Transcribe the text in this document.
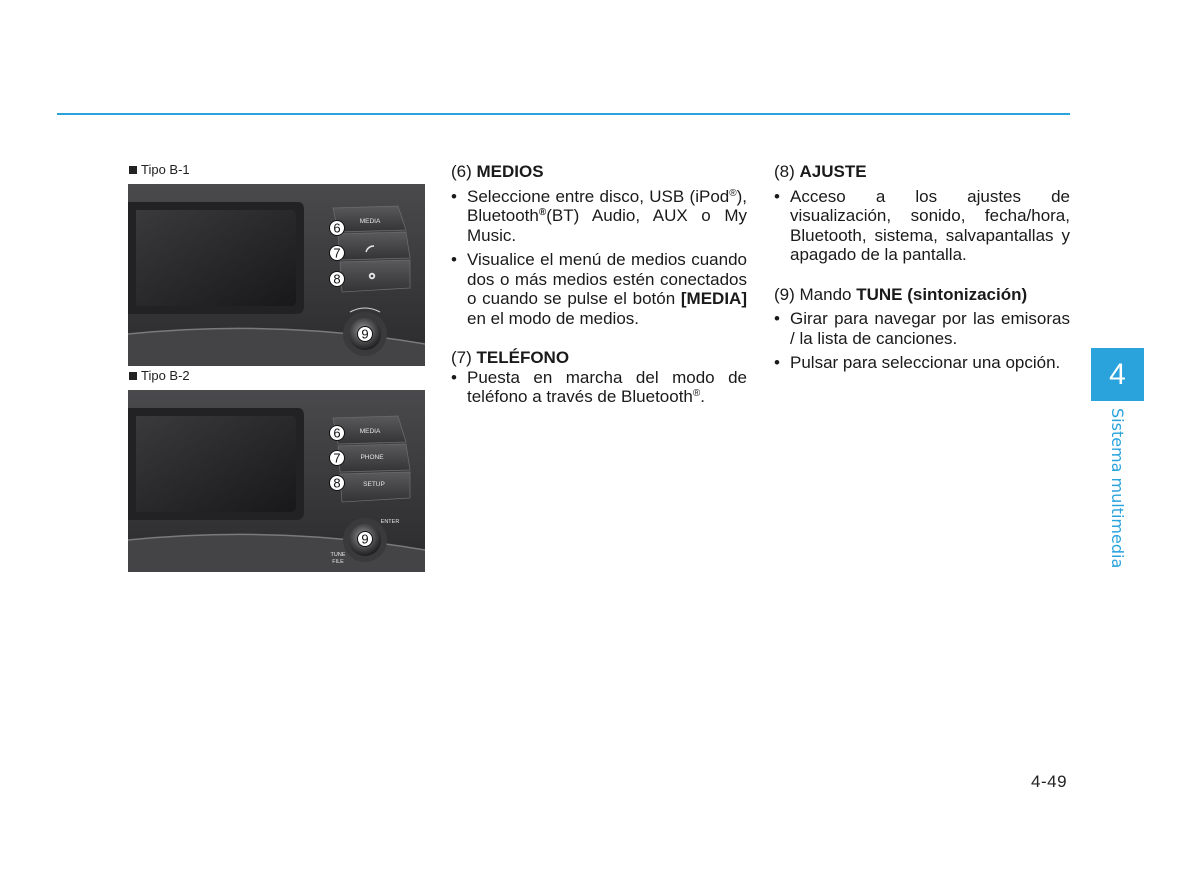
Tipo B-1
MEDIA
6
7
8
9
Tipo B-2
MEDIA
PHONE
SETUP
ENTER
TUNE
FILE
6
7
8
9

(6) MEDIOS

• Seleccione entre disco, USB (iPod®), Bluetooth®(BT) Audio, AUX o My Music.

• Visualice el menú de medios cuando dos o más medios estén conectados o cuando se pulse el botón [MEDIA] en el modo de medios.

(7) TELÉFONO

• Puesta en marcha del modo de teléfono a través de Bluetooth®.

(8) AJUSTE

• Acceso a los ajustes de visualización, sonido, fecha/hora, Bluetooth, sistema, salvapantallas y apagado de la pantalla.

(9) Mando TUNE (sintonización)

• Girar para navegar por las emisoras / la lista de canciones.

• Pulsar para seleccionar una opción.	4
Sistema multimedia
4-49
